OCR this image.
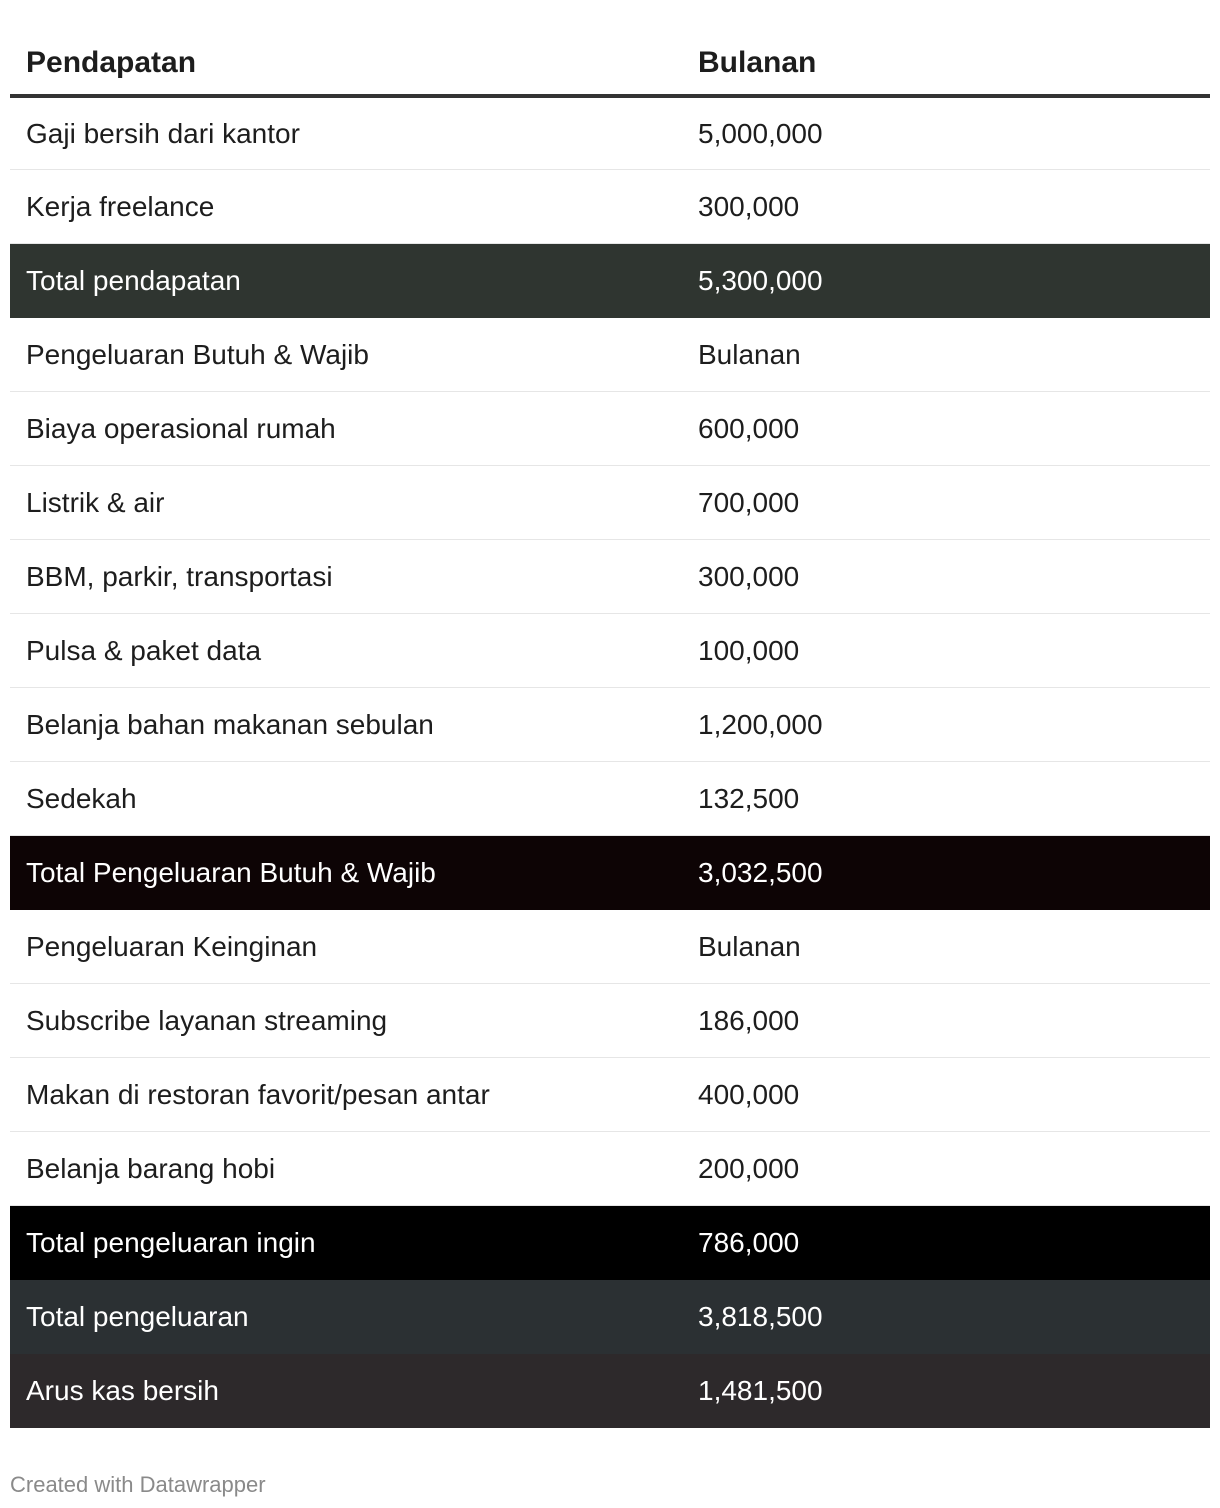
Pendapatan	Bulanan
Gaji bersih dari kantor	5,000,000
Kerja freelance	300,000
Total pendapatan	5,300,000
Pengeluaran Butuh & Wajib	Bulanan
Biaya operasional rumah	600,000
Listrik & air	700,000
BBM, parkir, transportasi	300,000
Pulsa & paket data	100,000
Belanja bahan makanan sebulan	1,200,000
Sedekah	132,500
Total Pengeluaran Butuh & Wajib	3,032,500
Pengeluaran Keinginan	Bulanan
Subscribe layanan streaming	186,000
Makan di restoran favorit/pesan antar	400,000
Belanja barang hobi	200,000
Total pengeluaran ingin	786,000
Total pengeluaran	3,818,500
Arus kas bersih	1,481,500
Created with Datawrapper
